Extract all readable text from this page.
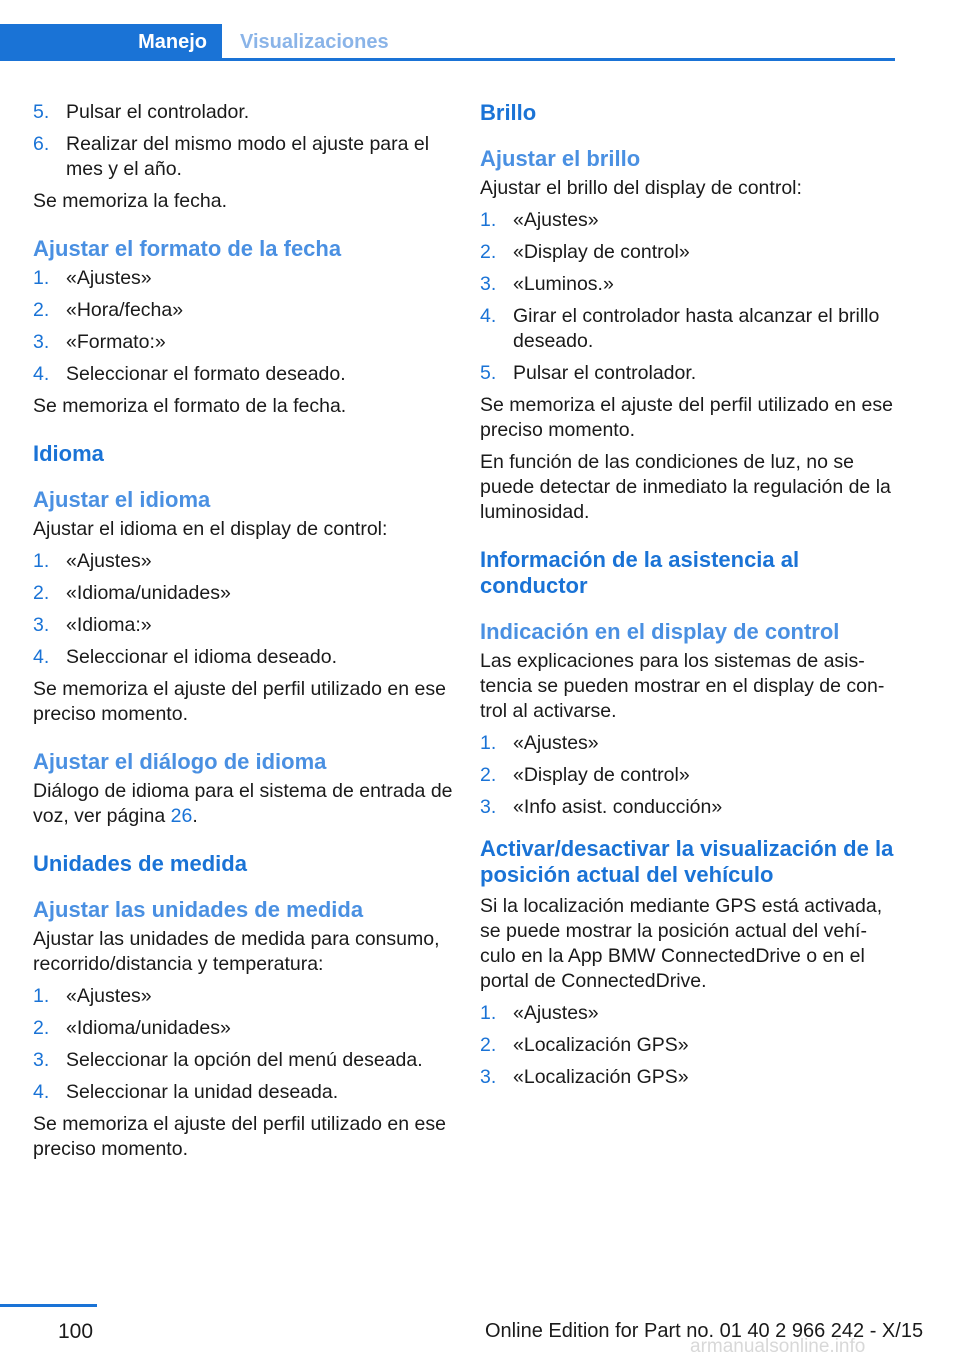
Manejo	Visualizaciones
5. Pulsar el controlador.
6. Realizar del mismo modo el ajuste para el mes y el año.

Se memoriza la fecha.

Ajustar el formato de la fecha
1. «Ajustes»
2. «Hora/fecha»
3. «Formato:»
4. Seleccionar el formato deseado.

Se memoriza el formato de la fecha.

Idioma
Ajustar el idioma

Ajustar el idioma en el display de control:

1. «Ajustes»
2. «Idioma/unidades»
3. «Idioma:»
4. Seleccionar el idioma deseado.

Se memoriza el ajuste del perfil utilizado en ese preciso momento.

Ajustar el diálogo de idioma

Diálogo de idioma para el sistema de entrada de voz, ver página 26.

Unidades de medida
Ajustar las unidades de medida

Ajustar las unidades de medida para consumo, recorrido/distancia y temperatura:

1. «Ajustes»
2. «Idioma/unidades»
3. Seleccionar la opción del menú deseada.
4. Seleccionar la unidad deseada.

Se memoriza el ajuste del perfil utilizado en ese preciso momento.

Brillo
Ajustar el brillo

Ajustar el brillo del display de control:

1. «Ajustes»
2. «Display de control»
3. «Luminos.»
4. Girar el controlador hasta alcanzar el brillo deseado.
5. Pulsar el controlador.

Se memoriza el ajuste del perfil utilizado en ese preciso momento.

En función de las condiciones de luz, no se puede detectar de inmediato la regulación de la luminosidad.

Información de la asistencia al conductor
Indicación en el display de control

Las explicaciones para los sistemas de asis‐tencia se pueden mostrar en el display de con‐trol al activarse.

1. «Ajustes»
2. «Display de control»
3. «Info asist. conducción»
Activar/desactivar la visualización de la posición actual del vehículo

Si la localización mediante GPS está activada, se puede mostrar la posición actual del vehí‐culo en la App BMW ConnectedDrive o en el portal de ConnectedDrive.

1. «Ajustes»
2. «Localización GPS»
3. «Localización GPS»
100	Online Edition for Part no. 01 40 2 966 242 - X/15
armanualsonline.info
